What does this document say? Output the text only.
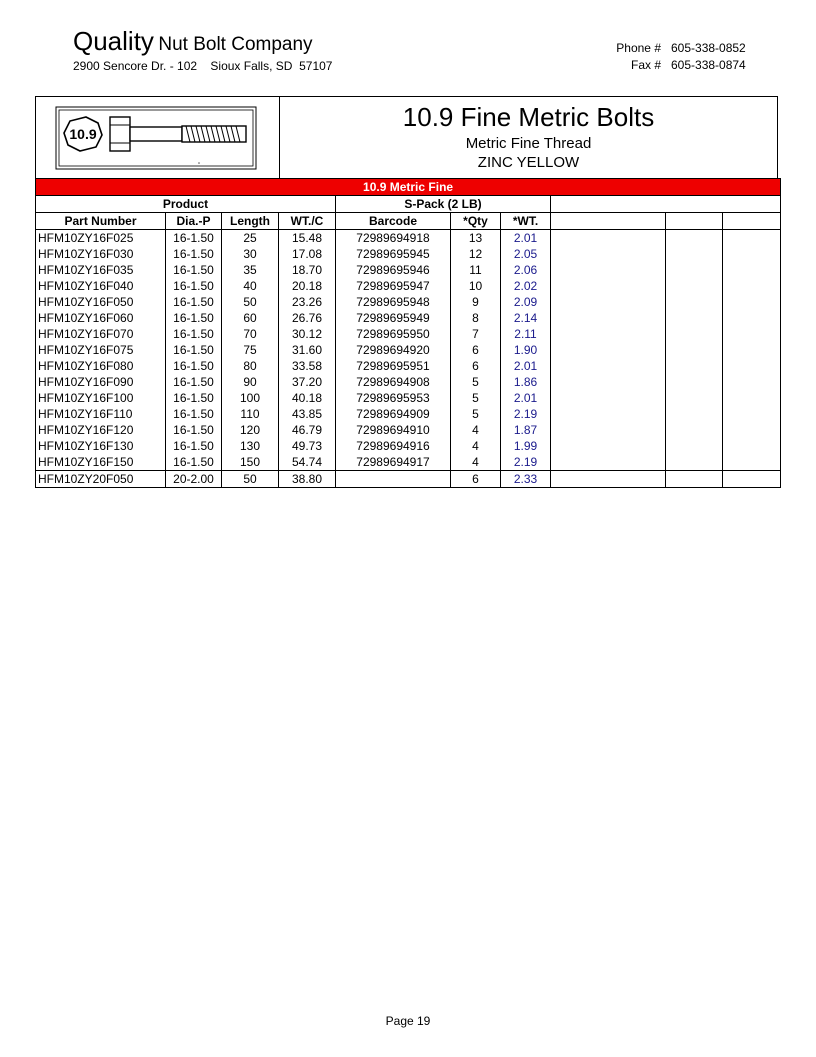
Quality Nut Bolt Company
2900 Sencore Dr. - 102    Sioux Falls, SD  57107
Phone # 605-338-0852
Fax # 605-338-0874
10.9
10.9 Fine Metric Bolts
Metric Fine Thread
ZINC YELLOW
10.9 Metric Fine									
Product				S-Pack (2 LB)					
Part Number	Dia.-P	Length	WT./C	Barcode	*Qty	*WT.			
HFM10ZY16F025	16-1.50	25	15.48	72989694918	13	2.01			
HFM10ZY16F030	16-1.50	30	17.08	72989695945	12	2.05			
HFM10ZY16F035	16-1.50	35	18.70	72989695946	11	2.06			
HFM10ZY16F040	16-1.50	40	20.18	72989695947	10	2.02			
HFM10ZY16F050	16-1.50	50	23.26	72989695948	9	2.09			
HFM10ZY16F060	16-1.50	60	26.76	72989695949	8	2.14			
HFM10ZY16F070	16-1.50	70	30.12	72989695950	7	2.11			
HFM10ZY16F075	16-1.50	75	31.60	72989694920	6	1.90			
HFM10ZY16F080	16-1.50	80	33.58	72989695951	6	2.01			
HFM10ZY16F090	16-1.50	90	37.20	72989694908	5	1.86			
HFM10ZY16F100	16-1.50	100	40.18	72989695953	5	2.01			
HFM10ZY16F110	16-1.50	110	43.85	72989694909	5	2.19			
HFM10ZY16F120	16-1.50	120	46.79	72989694910	4	1.87			
HFM10ZY16F130	16-1.50	130	49.73	72989694916	4	1.99			
HFM10ZY16F150	16-1.50	150	54.74	72989694917	4	2.19			
HFM10ZY20F050	20-2.00	50	38.80		6	2.33			
Page 19
